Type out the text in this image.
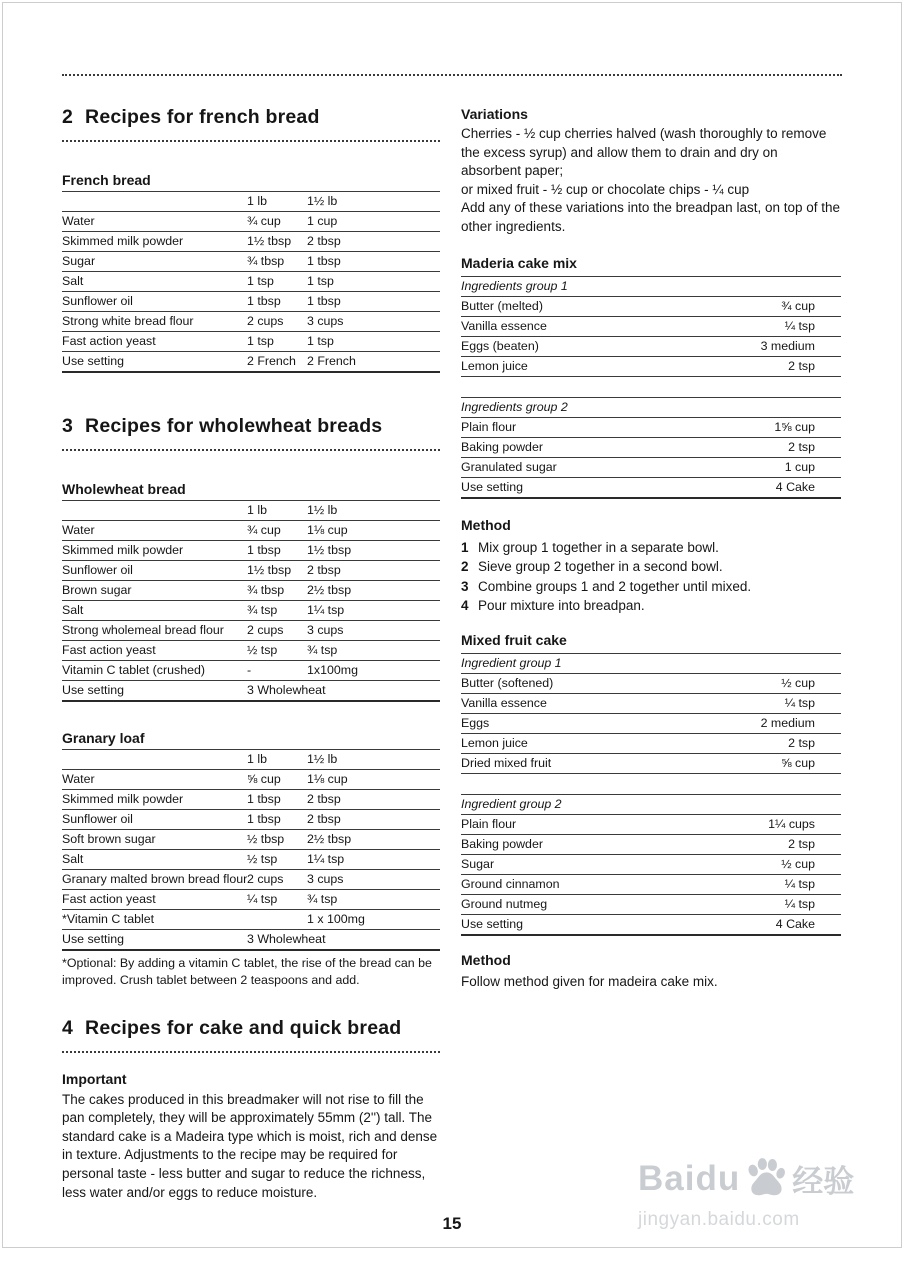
2 Recipes for french bread
French bread
	1 lb	1½ lb
Water	¾ cup	1 cup
Skimmed milk powder	1½ tbsp	2 tbsp
Sugar	¾ tbsp	1 tbsp
Salt	1 tsp	1 tsp
Sunflower oil	1 tbsp	1 tbsp
Strong white bread flour	2 cups	3 cups
Fast action yeast	1 tsp	1 tsp
Use setting	2 French	2 French
3 Recipes for wholewheat breads
Wholewheat bread
	1 lb	1½ lb
Water	¾ cup	1⅛ cup
Skimmed milk powder	1 tbsp	1½ tbsp
Sunflower oil	1½ tbsp	2 tbsp
Brown sugar	¾ tbsp	2½ tbsp
Salt	¾ tsp	1¼ tsp
Strong wholemeal bread flour	2 cups	3 cups
Fast action yeast	½ tsp	¾ tsp
Vitamin C tablet (crushed)	-	1x100mg
Use setting	3 Wholewheat	
Granary loaf
	1 lb	1½ lb
Water	⅝ cup	1⅛ cup
Skimmed milk powder	1 tbsp	2 tbsp
Sunflower oil	1 tbsp	2 tbsp
Soft brown sugar	½ tbsp	2½ tbsp
Salt	½ tsp	1¼ tsp
Granary malted brown bread flour	2 cups	3 cups
Fast action yeast	¼ tsp	¾ tsp
*Vitamin C tablet		1 x 100mg
Use setting	3 Wholewheat	

*Optional: By adding a vitamin C tablet, the rise of the bread can be improved. Crush tablet between 2 teaspoons and add.

4 Recipes for cake and quick bread
Important

The cakes produced in this breadmaker will not rise to fill the pan completely, they will be approximately 55mm (2'') tall. The standard cake is a Madeira type which is moist, rich and dense in texture. Adjustments to the recipe may be required for personal taste - less butter and sugar to reduce the richness, less water and/or eggs to reduce moisture.

Variations

Cherries - ½ cup cherries halved (wash thoroughly to remove the excess syrup) and allow them to drain and dry on absorbent paper;

or mixed fruit - ½ cup or chocolate chips - ¼ cup

Add any of these variations into the breadpan last, on top of the other ingredients.

Maderia cake mix
Ingredients group 1	
Butter (melted)	¾ cup
Vanilla essence	¼ tsp
Eggs (beaten)	3 medium
Lemon juice	2 tsp
Ingredients group 2	
Plain flour	1⅝ cup
Baking powder	2 tsp
Granulated sugar	1 cup
Use setting	4 Cake
Method
1 Mix group 1 together in a separate bowl.
2 Sieve group 2 together in a second bowl.
3 Combine groups 1 and 2 together until mixed.
4 Pour mixture into breadpan.
Mixed fruit cake
Ingredient group 1	
Butter (softened)	½ cup
Vanilla essence	¼ tsp
Eggs	2 medium
Lemon juice	2 tsp
Dried mixed fruit	⅝ cup
Ingredient group 2	
Plain flour	1¼ cups
Baking powder	2 tsp
Sugar	½ cup
Ground cinnamon	¼ tsp
Ground nutmeg	¼ tsp
Use setting	4 Cake
Method

Follow method given for madeira cake mix.

15
Baidu 经验
jingyan.baidu.com
